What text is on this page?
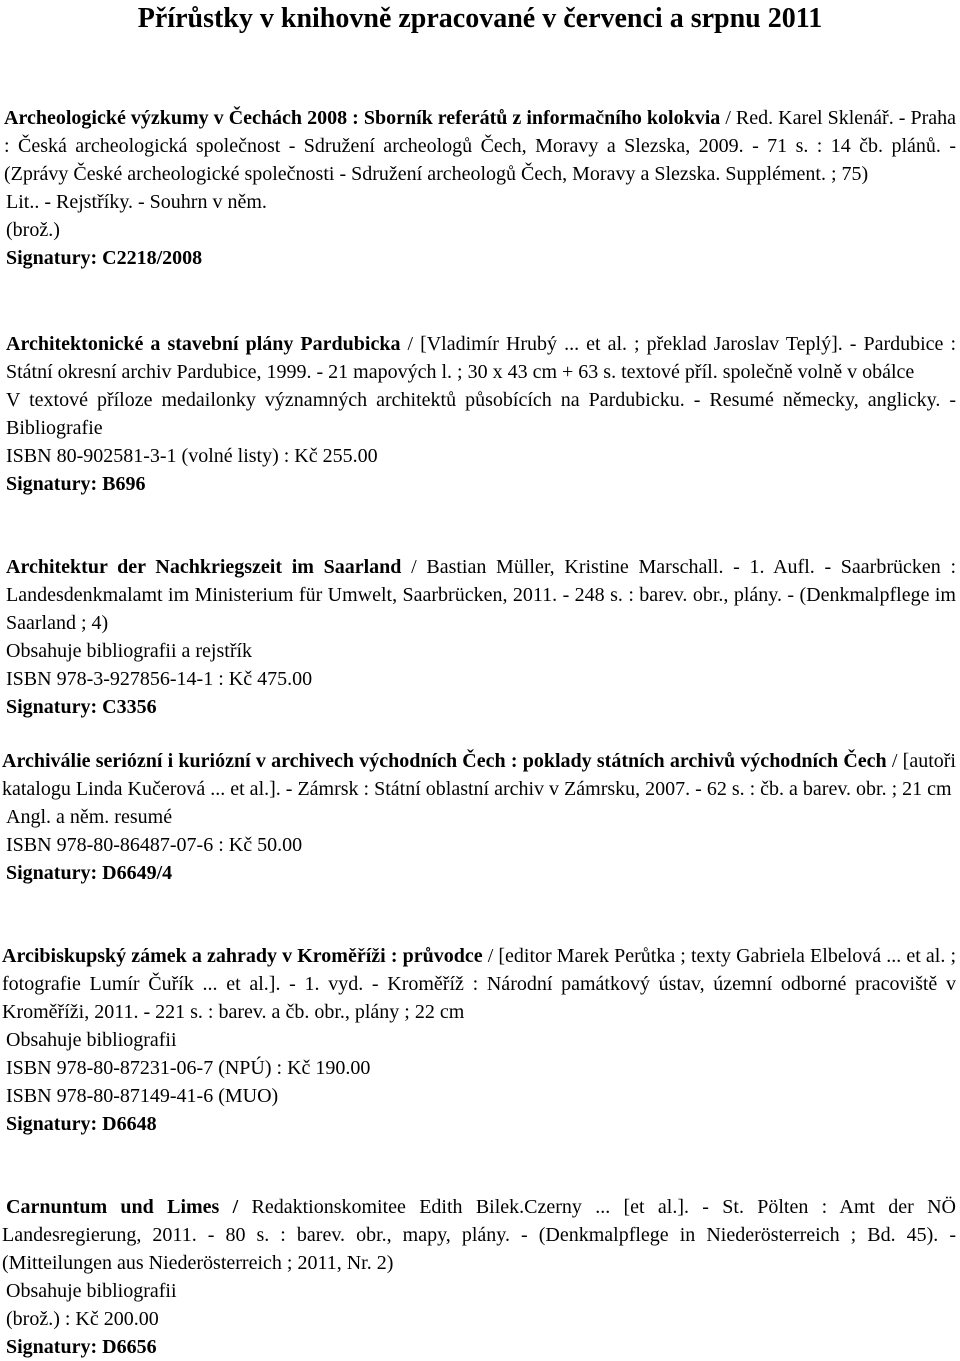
Přírůstky v knihovně zpracované v červenci a srpnu 2011

Archeologické výzkumy v Čechách 2008 : Sborník referátů z informačního kolokvia / Red. Karel Sklenář. - Praha : Česká archeologická společnost - Sdružení archeologů Čech, Moravy a Slezska, 2009. - 71 s. : 14 čb. plánů. - (Zprávy České archeologické společnosti - Sdružení archeologů Čech, Moravy a Slezska. Supplément. ; 75)

Lit.. - Rejstříky. - Souhrn v něm.

(brož.)

Signatury: C2218/2008

Architektonické a stavební plány Pardubicka / [Vladimír Hrubý ... et al. ; překlad Jaroslav Teplý]. - Pardubice : Státní okresní archiv Pardubice, 1999. - 21 mapových l. ; 30 x 43 cm + 63 s. textové příl. společně volně v obálce

V textové příloze medailonky významných architektů působících na Pardubicku. - Resumé německy, anglicky. - Bibliografie

ISBN 80-902581-3-1 (volné listy) : Kč 255.00

Signatury: B696

Architektur der Nachkriegszeit im Saarland / Bastian Müller, Kristine Marschall. - 1. Aufl. - Saarbrücken : Landesdenkmalamt im Ministerium für Umwelt, Saarbrücken, 2011. - 248 s. : barev. obr., plány. - (Denkmalpflege im Saarland ; 4)

Obsahuje bibliografii a rejstřík

ISBN 978-3-927856-14-1 : Kč 475.00

Signatury: C3356

Archiválie seriózní i kuriózní v archivech východních Čech : poklady státních archivů východních Čech / [autoři katalogu Linda Kučerová ... et al.]. - Zámrsk : Státní oblastní archiv v Zámrsku, 2007. - 62 s. : čb. a barev. obr. ; 21 cm

Angl. a něm. resumé

ISBN 978-80-86487-07-6 : Kč 50.00

Signatury: D6649/4

Arcibiskupský zámek a zahrady v Kroměříži : průvodce / [editor Marek Perůtka ; texty Gabriela Elbelová ... et al. ; fotografie Lumír Čuřík ... et al.]. - 1. vyd. - Kroměříž : Národní památkový ústav, územní odborné pracoviště v Kroměříži, 2011. - 221 s. : barev. a čb. obr., plány ; 22 cm

Obsahuje bibliografii

ISBN 978-80-87231-06-7 (NPÚ) : Kč 190.00

ISBN 978-80-87149-41-6 (MUO)

Signatury: D6648

Carnuntum und Limes / Redaktionskomitee Edith Bilek.Czerny ... [et al.]. - St. Pölten : Amt der NÖ Landesregierung, 2011. - 80 s. : barev. obr., mapy, plány. - (Denkmalpflege in Niederösterreich ; Bd. 45). - (Mitteilungen aus Niederösterreich ; 2011, Nr. 2)

Obsahuje bibliografii

(brož.) : Kč 200.00

Signatury: D6656
